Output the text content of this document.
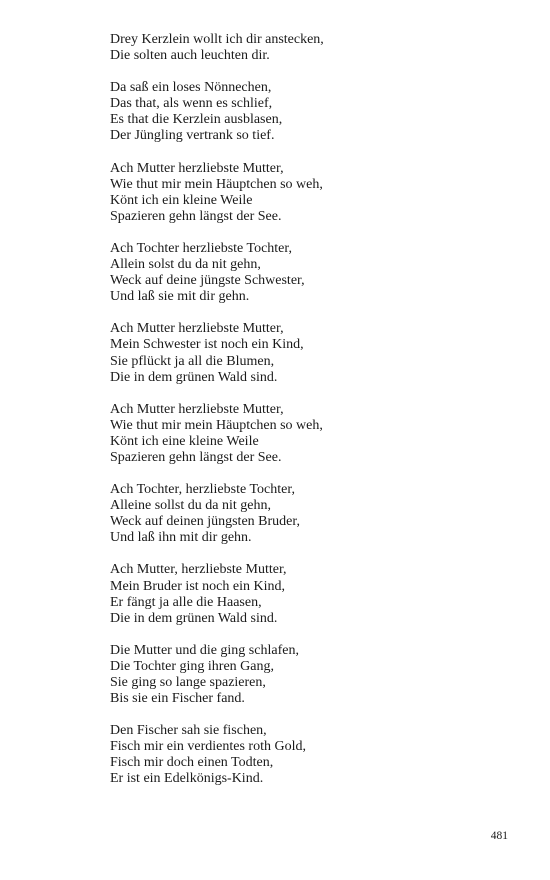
Drey Kerzlein wollt ich dir anstecken,
Die solten auch leuchten dir.
Da saß ein loses Nönnechen,
Das that, als wenn es schlief,
Es that die Kerzlein ausblasen,
Der Jüngling vertrank so tief.
Ach Mutter herzliebste Mutter,
Wie thut mir mein Häuptchen so weh,
Könt ich ein kleine Weile
Spazieren gehn längst der See.
Ach Tochter herzliebste Tochter,
Allein solst du da nit gehn,
Weck auf deine jüngste Schwester,
Und laß sie mit dir gehn.
Ach Mutter herzliebste Mutter,
Mein Schwester ist noch ein Kind,
Sie pflückt ja all die Blumen,
Die in dem grünen Wald sind.
Ach Mutter herzliebste Mutter,
Wie thut mir mein Häuptchen so weh,
Könt ich eine kleine Weile
Spazieren gehn längst der See.
Ach Tochter, herzliebste Tochter,
Alleine sollst du da nit gehn,
Weck auf deinen jüngsten Bruder,
Und laß ihn mit dir gehn.
Ach Mutter, herzliebste Mutter,
Mein Bruder ist noch ein Kind,
Er fängt ja alle die Haasen,
Die in dem grünen Wald sind.
Die Mutter und die ging schlafen,
Die Tochter ging ihren Gang,
Sie ging so lange spazieren,
Bis sie ein Fischer fand.
Den Fischer sah sie fischen,
Fisch mir ein verdientes roth Gold,
Fisch mir doch einen Todten,
Er ist ein Edelkönigs-Kind.
481
